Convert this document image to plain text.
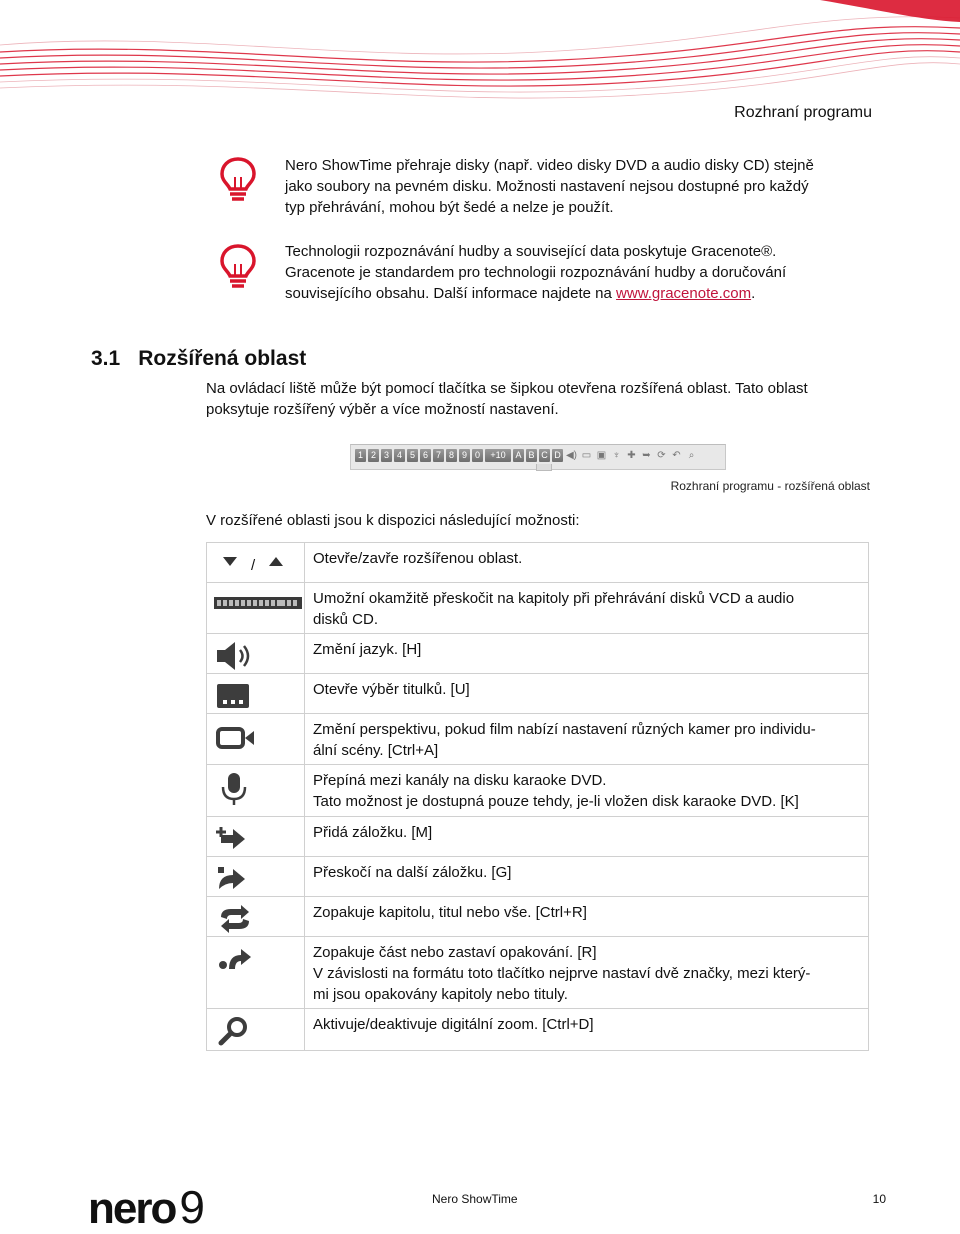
Rozhraní programu
Nero ShowTime přehraje disky (např. video disky DVD a audio disky CD) stejně
jako soubory na pevném disku. Možnosti nastavení nejsou dostupné pro každý
typ přehrávání, mohou být šedé a nelze je použít.
Technologii rozpoznávání hudby a související data poskytuje Gracenote®.
Gracenote je standardem pro technologii rozpoznávání hudby a doručování
souvisejícího obsahu. Další informace najdete na www.gracenote.com.
3.1 Rozšířená oblast
Na ovládací liště může být pomocí tlačítka se šipkou otevřena rozšířená oblast. Tato oblast
poksytuje rozšířený výběr a více možností nastavení.
1 2 3 4 5 6 7 8 9 0	+10	A B C D ◀) ▭ ▣ ♆ ✚ ➥ ⟳ ↶ ⌕
Rozhraní programu - rozšířená oblast
V rozšířené oblasti jsou k dispozici následující možnosti:
/	Otevře/zavře rozšířenou oblast.

Umožní okamžitě přeskočit na kapitoly při přehrávání disků VCD a audio
disků CD.

Změní jazyk. [H]

Otevře výběr titulků. [U]

Změní perspektivu, pokud film nabízí nastavení různých kamer pro individu-
ální scény. [Ctrl+A]

Přepíná mezi kanály na disku karaoke DVD.
Tato možnost je dostupná pouze tehdy, je-li vložen disk karaoke DVD. [K]

Přidá záložku. [M]

Přeskočí na další záložku. [G]

Zopakuje kapitolu, titul nebo vše. [Ctrl+R]

Zopakuje část nebo zastaví opakování. [R]
V závislosti na formátu toto tlačítko nejprve nastaví dvě značky, mezi který-
mi jsou opakovány kapitoly nebo tituly.

Aktivuje/deaktivuje digitální zoom. [Ctrl+D]
nero9	Nero ShowTime	10
